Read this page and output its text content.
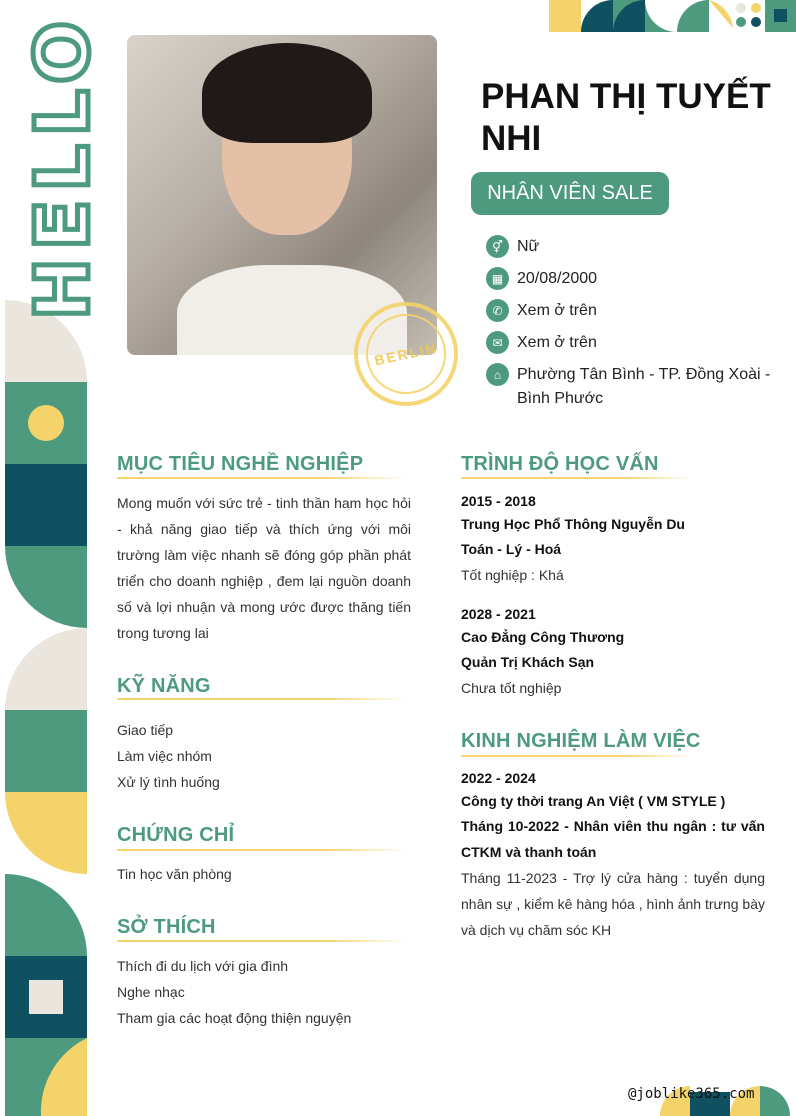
HELLO
BERLIN
PHAN THỊ TUYẾT NHI
NHÂN VIÊN SALE
⚥ Nữ
▦ 20/08/2000
✆ Xem ở trên
✉ Xem ở trên
⌂ Phường Tân Bình - TP. Đồng Xoài - Bình Phước
MỤC TIÊU NGHỀ NGHIỆP
Mong muốn với sức trẻ - tinh thần ham học hỏi - khả năng giao tiếp và thích ứng với môi trường làm việc nhanh sẽ đóng góp phần phát triển cho doanh nghiệp , đem lại nguồn doanh số và lợi nhuận và mong ước được thăng tiến trong tương lai
KỸ NĂNG
Giao tiếp
Làm việc nhóm
Xử lý tình huống
CHỨNG CHỈ
Tin học văn phòng
SỞ THÍCH
Thích đi du lịch với gia đình
Nghe nhạc
Tham gia các hoạt động thiện nguyện
TRÌNH ĐỘ HỌC VẤN
2015 - 2018
Trung Học Phổ Thông Nguyễn Du
Toán - Lý - Hoá
Tốt nghiệp : Khá
2028 - 2021
Cao Đẳng Công Thương
Quản Trị Khách Sạn
Chưa tốt nghiệp
KINH NGHIỆM LÀM VIỆC
2022 - 2024
Công ty thời trang An Việt ( VM STYLE )
Tháng 10-2022 - Nhân viên thu ngân : tư vấn CTKM và thanh toán
Tháng 11-2023 - Trợ lý cửa hàng : tuyển dụng nhân sự , kiểm kê hàng hóa , hình ảnh trưng bày và dịch vụ chăm sóc KH
@joblike365.com
